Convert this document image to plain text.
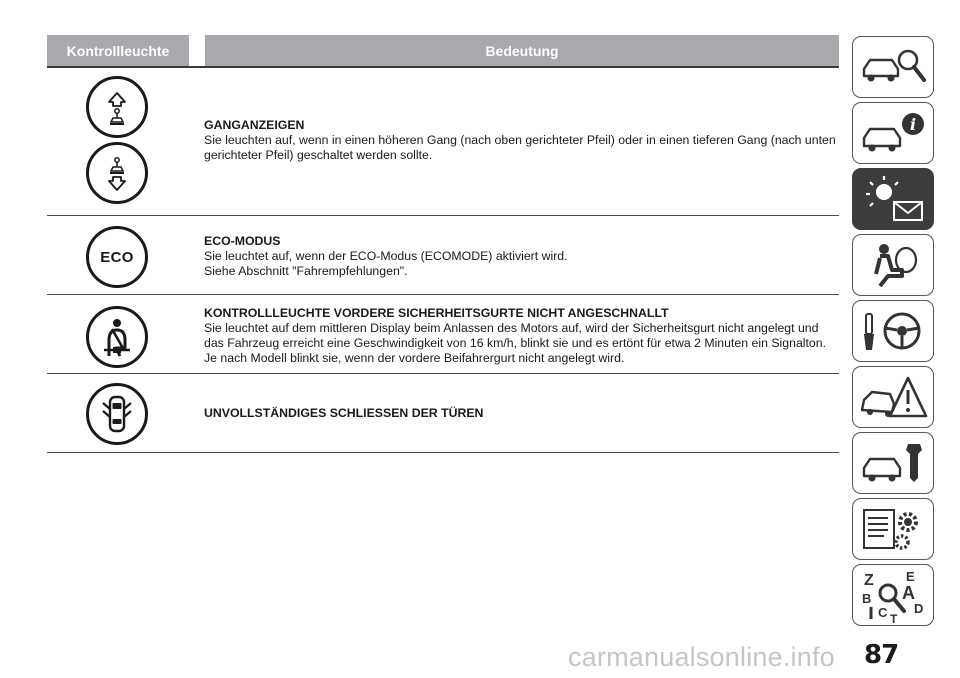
Kontrollleuchte	Bedeutung
GANGANZEIGEN
Sie leuchten auf, wenn in einen höheren Gang (nach oben gerichteter Pfeil) oder in einen tieferen Gang (nach unten gerichteter Pfeil) geschaltet werden sollte.
ECO
ECO-MODUS
Sie leuchtet auf, wenn der ECO-Modus (ECOMODE) aktiviert wird.
Siehe Abschnitt "Fahrempfehlungen".
KONTROLLLEUCHTE VORDERE SICHERHEITSGURTE NICHT ANGESCHNALLT
Sie leuchtet auf dem mittleren Display beim Anlassen des Motors auf, wird der Sicherheitsgurt nicht angelegt und das Fahrzeug erreicht eine Geschwindigkeit von 16 km/h, blinkt sie und es ertönt für etwa 2 Minuten ein Signalton.
Je nach Modell blinkt sie, wenn der vordere Beifahrergurt nicht angelegt wird.
UNVOLLSTÄNDIGES SCHLIESSEN DER TÜREN
i
Z E
A
B
D
C T
carmanualsonline.info 87
